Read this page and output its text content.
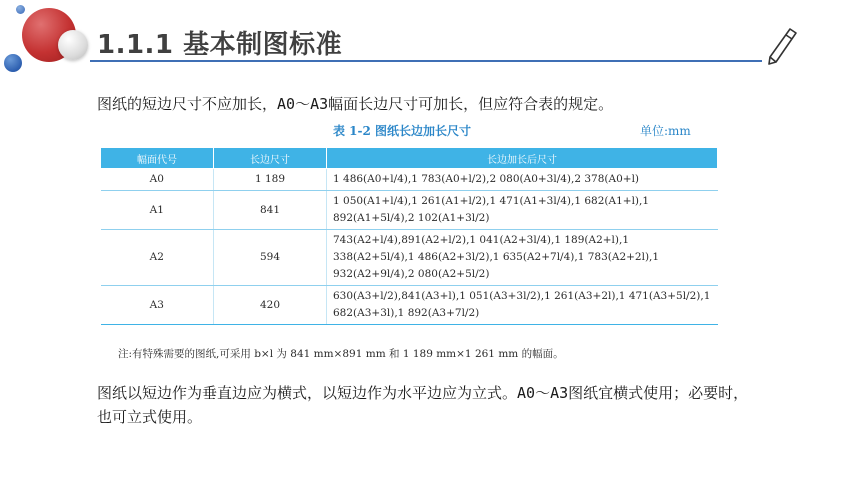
1.1.1 基本制图标准
图纸的短边尺寸不应加长，A0～A3幅面长边尺寸可加长，但应符合表的规定。
表 1-2 图纸长边加长尺寸	单位:mm
幅面代号	长边尺寸	长边加长后尺寸
A0	1 189	1 486(A0+l/4),1 783(A0+l/2),2 080(A0+3l/4),2 378(A0+l)
A1	841	1 050(A1+l/4),1 261(A1+l/2),1 471(A1+3l/4),1 682(A1+l),1 892(A1+5l/4),2 102(A1+3l/2)
A2	594	743(A2+l/4),891(A2+l/2),1 041(A2+3l/4),1 189(A2+l),1 338(A2+5l/4),1 486(A2+3l/2),1 635(A2+7l/4),1 783(A2+2l),1 932(A2+9l/4),2 080(A2+5l/2)
A3	420	630(A3+l/2),841(A3+l),1 051(A3+3l/2),1 261(A3+2l),1 471(A3+5l/2),1 682(A3+3l),1 892(A3+7l/2)
注:有特殊需要的图纸,可采用 b×l 为 841 mm×891 mm 和 1 189 mm×1 261 mm 的幅面。
图纸以短边作为垂直边应为横式，以短边作为水平边应为立式。A0～A3图纸宜横式使用；必要时，也可立式使用。
